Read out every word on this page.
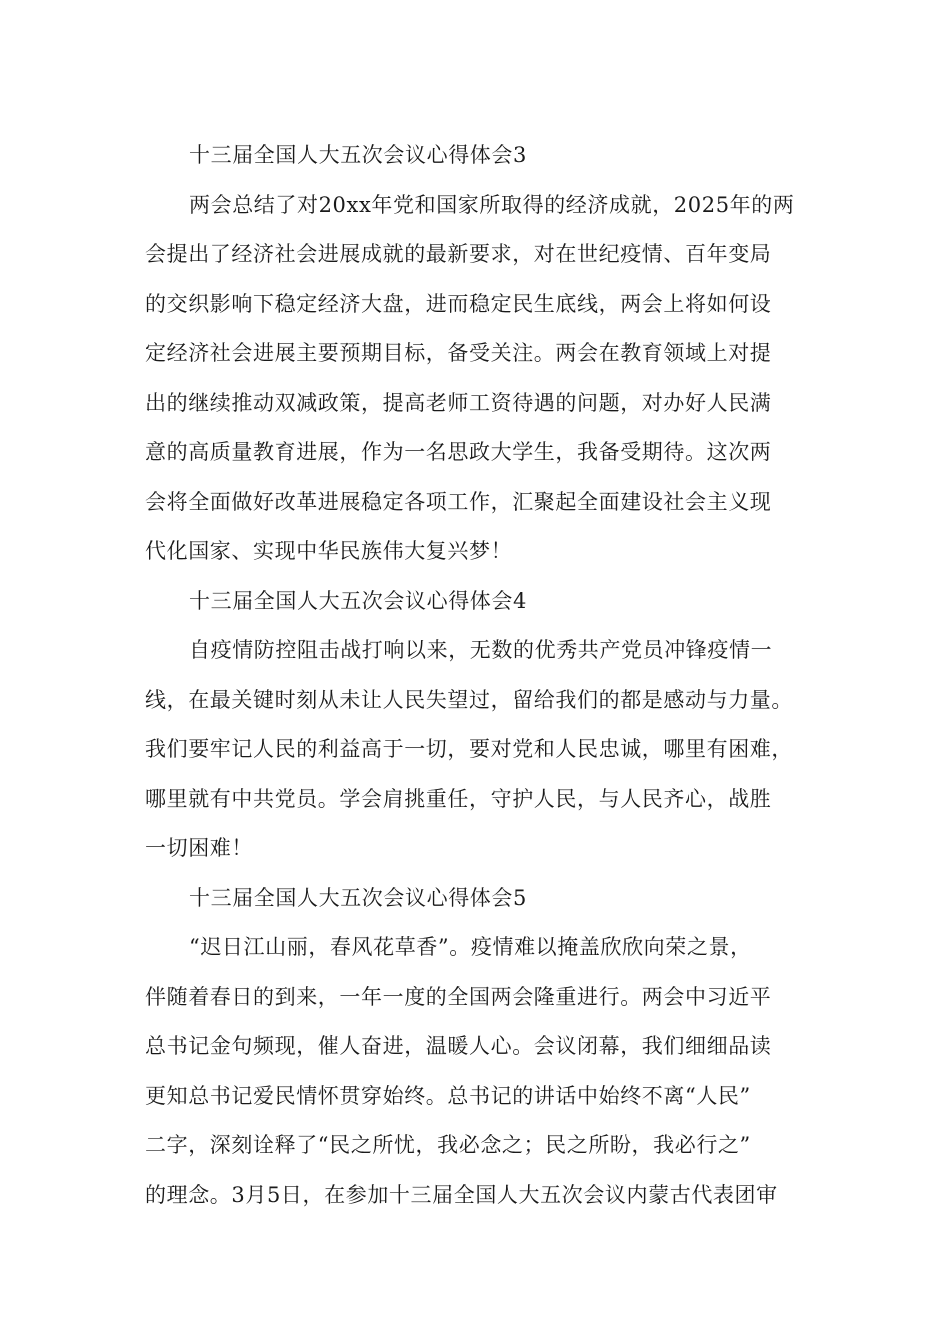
十三届全国人大五次会议心得体会3
两会总结了对20xx年党和国家所取得的经济成就，2025年的两
会提出了经济社会进展成就的最新要求，对在世纪疫情、百年变局
的交织影响下稳定经济大盘，进而稳定民生底线，两会上将如何设
定经济社会进展主要预期目标，备受关注。两会在教育领域上对提
出的继续推动双减政策，提高老师工资待遇的问题，对办好人民满
意的高质量教育进展，作为一名思政大学生，我备受期待。这次两
会将全面做好改革进展稳定各项工作，汇聚起全面建设社会主义现
代化国家、实现中华民族伟大复兴梦！
十三届全国人大五次会议心得体会4
自疫情防控阻击战打响以来，无数的优秀共产党员冲锋疫情一
线，在最关键时刻从未让人民失望过，留给我们的都是感动与力量。
我们要牢记人民的利益高于一切，要对党和人民忠诚，哪里有困难，
哪里就有中共党员。学会肩挑重任，守护人民，与人民齐心，战胜
一切困难！
十三届全国人大五次会议心得体会5
“迟日江山丽，春风花草香”。疫情难以掩盖欣欣向荣之景，
伴随着春日的到来，一年一度的全国两会隆重进行。两会中习近平
总书记金句频现，催人奋进，温暖人心。会议闭幕，我们细细品读
更知总书记爱民情怀贯穿始终。总书记的讲话中始终不离“人民”
二字，深刻诠释了“民之所忧，我必念之；民之所盼，我必行之”
的理念。3月5日，在参加十三届全国人大五次会议内蒙古代表团审
